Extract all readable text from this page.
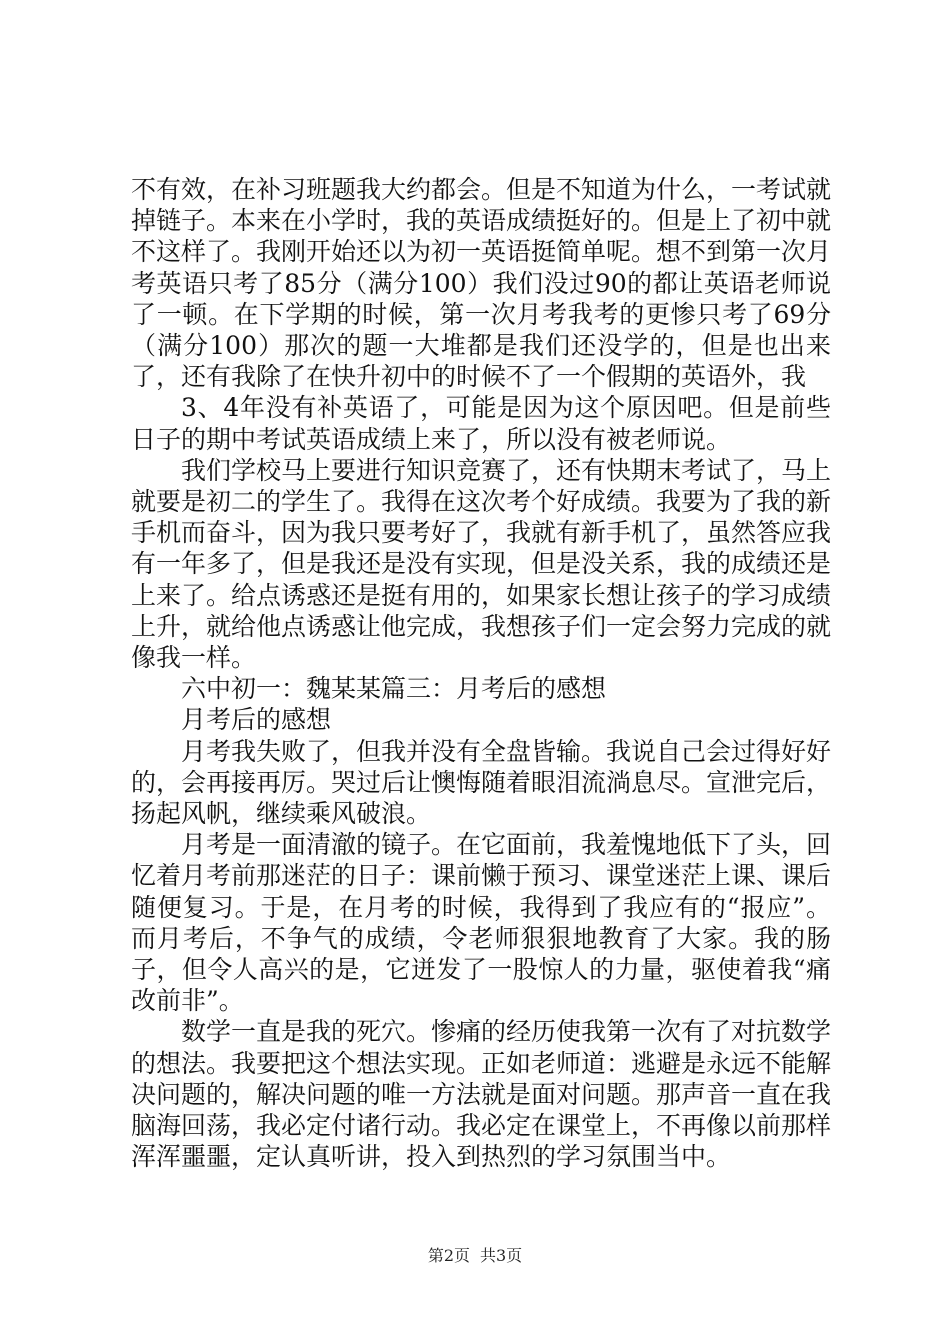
不有效，在补习班题我大约都会。但是不知道为什么，一考试就掉链子。本来在小学时，我的英语成绩挺好的。但是上了初中就不这样了。我刚开始还以为初一英语挺简单呢。想不到第一次月考英语只考了85分（满分100）我们没过90的都让英语老师说了一顿。在下学期的时候，第一次月考我考的更惨只考了69分（满分100）那次的题一大堆都是我们还没学的，但是也出来了，还有我除了在快升初中的时候不了一个假期的英语外，我

3、4年没有补英语了，可能是因为这个原因吧。但是前些日子的期中考试英语成绩上来了，所以没有被老师说。

我们学校马上要进行知识竞赛了，还有快期末考试了，马上就要是初二的学生了。我得在这次考个好成绩。我要为了我的新手机而奋斗，因为我只要考好了，我就有新手机了，虽然答应我有一年多了，但是我还是没有实现，但是没关系，我的成绩还是上来了。给点诱惑还是挺有用的，如果家长想让孩子的学习成绩上升，就给他点诱惑让他完成，我想孩子们一定会努力完成的就像我一样。

六中初一：魏某某篇三：月考后的感想

月考后的感想

月考我失败了，但我并没有全盘皆输。我说自己会过得好好的，会再接再厉。哭过后让懊悔随着眼泪流淌息尽。宣泄完后，扬起风帆，继续乘风破浪。

月考是一面清澈的镜子。在它面前，我羞愧地低下了头，回忆着月考前那迷茫的日子：课前懒于预习、课堂迷茫上课、课后随便复习。于是，在月考的时候，我得到了我应有的“报应”。而月考后，不争气的成绩，令老师狠狠地教育了大家。我的肠子，但令人高兴的是，它迸发了一股惊人的力量，驱使着我“痛改前非”。

数学一直是我的死穴。惨痛的经历使我第一次有了对抗数学的想法。我要把这个想法实现。正如老师道：逃避是永远不能解决问题的，解决问题的唯一方法就是面对问题。那声音一直在我脑海回荡，我必定付诸行动。我必定在课堂上，不再像以前那样浑浑噩噩，定认真听讲，投入到热烈的学习氛围当中。

第2页 共3页
